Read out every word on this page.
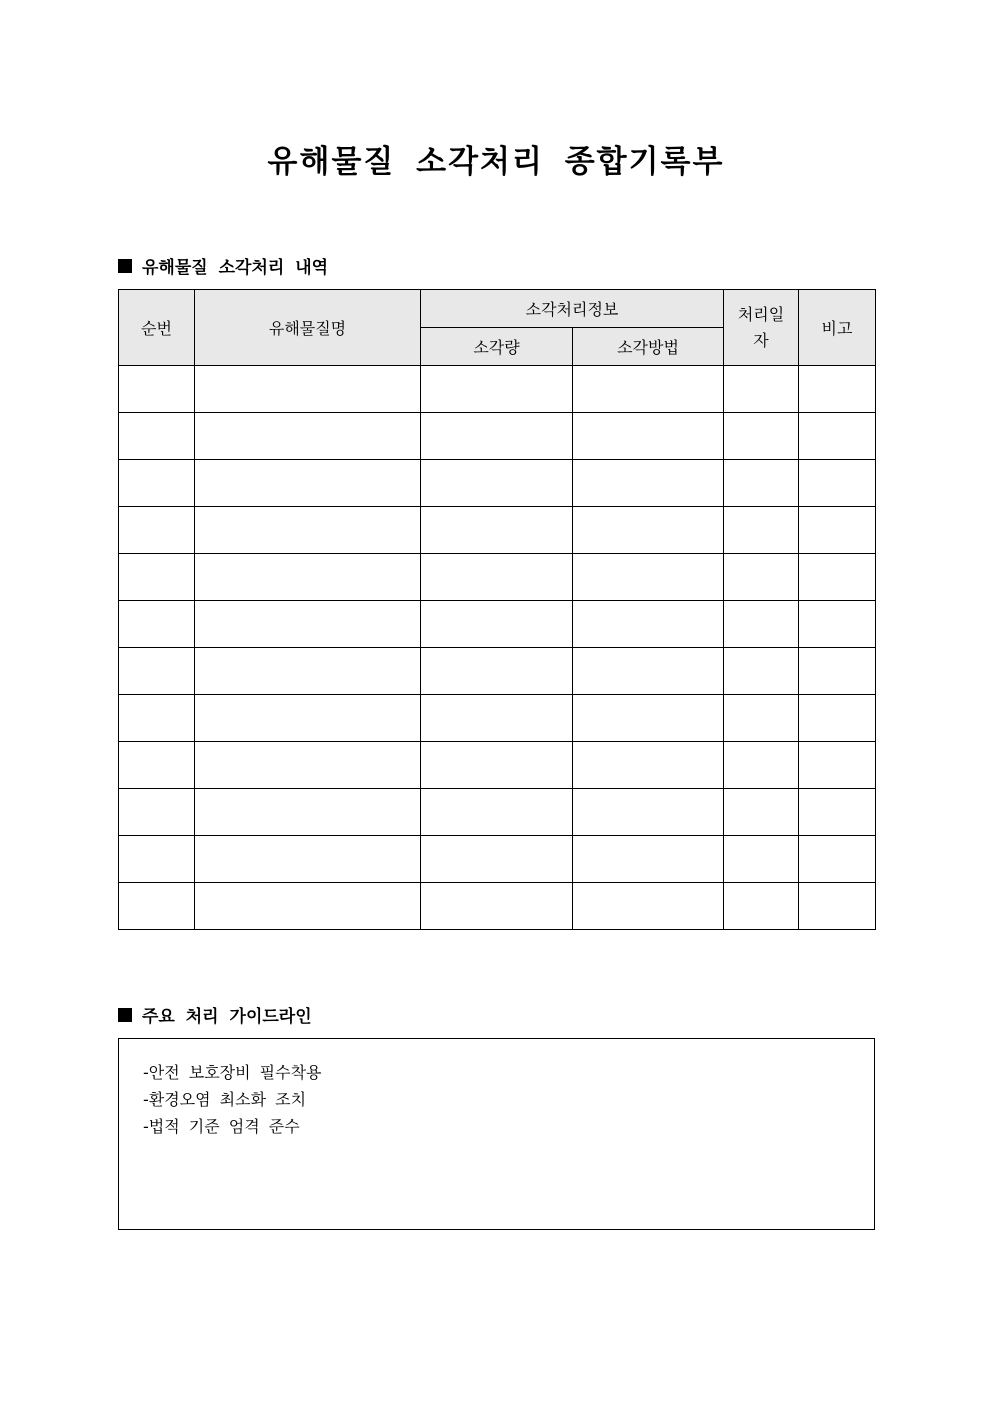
유해물질 소각처리 종합기록부
유해물질 소각처리 내역
순번	유해물질명	소각처리정보		처리일자	비고
		소각량	소각방법		

주요 처리 가이드라인
-안전 보호장비 필수착용
-환경오염 최소화 조치
-법적 기준 엄격 준수
